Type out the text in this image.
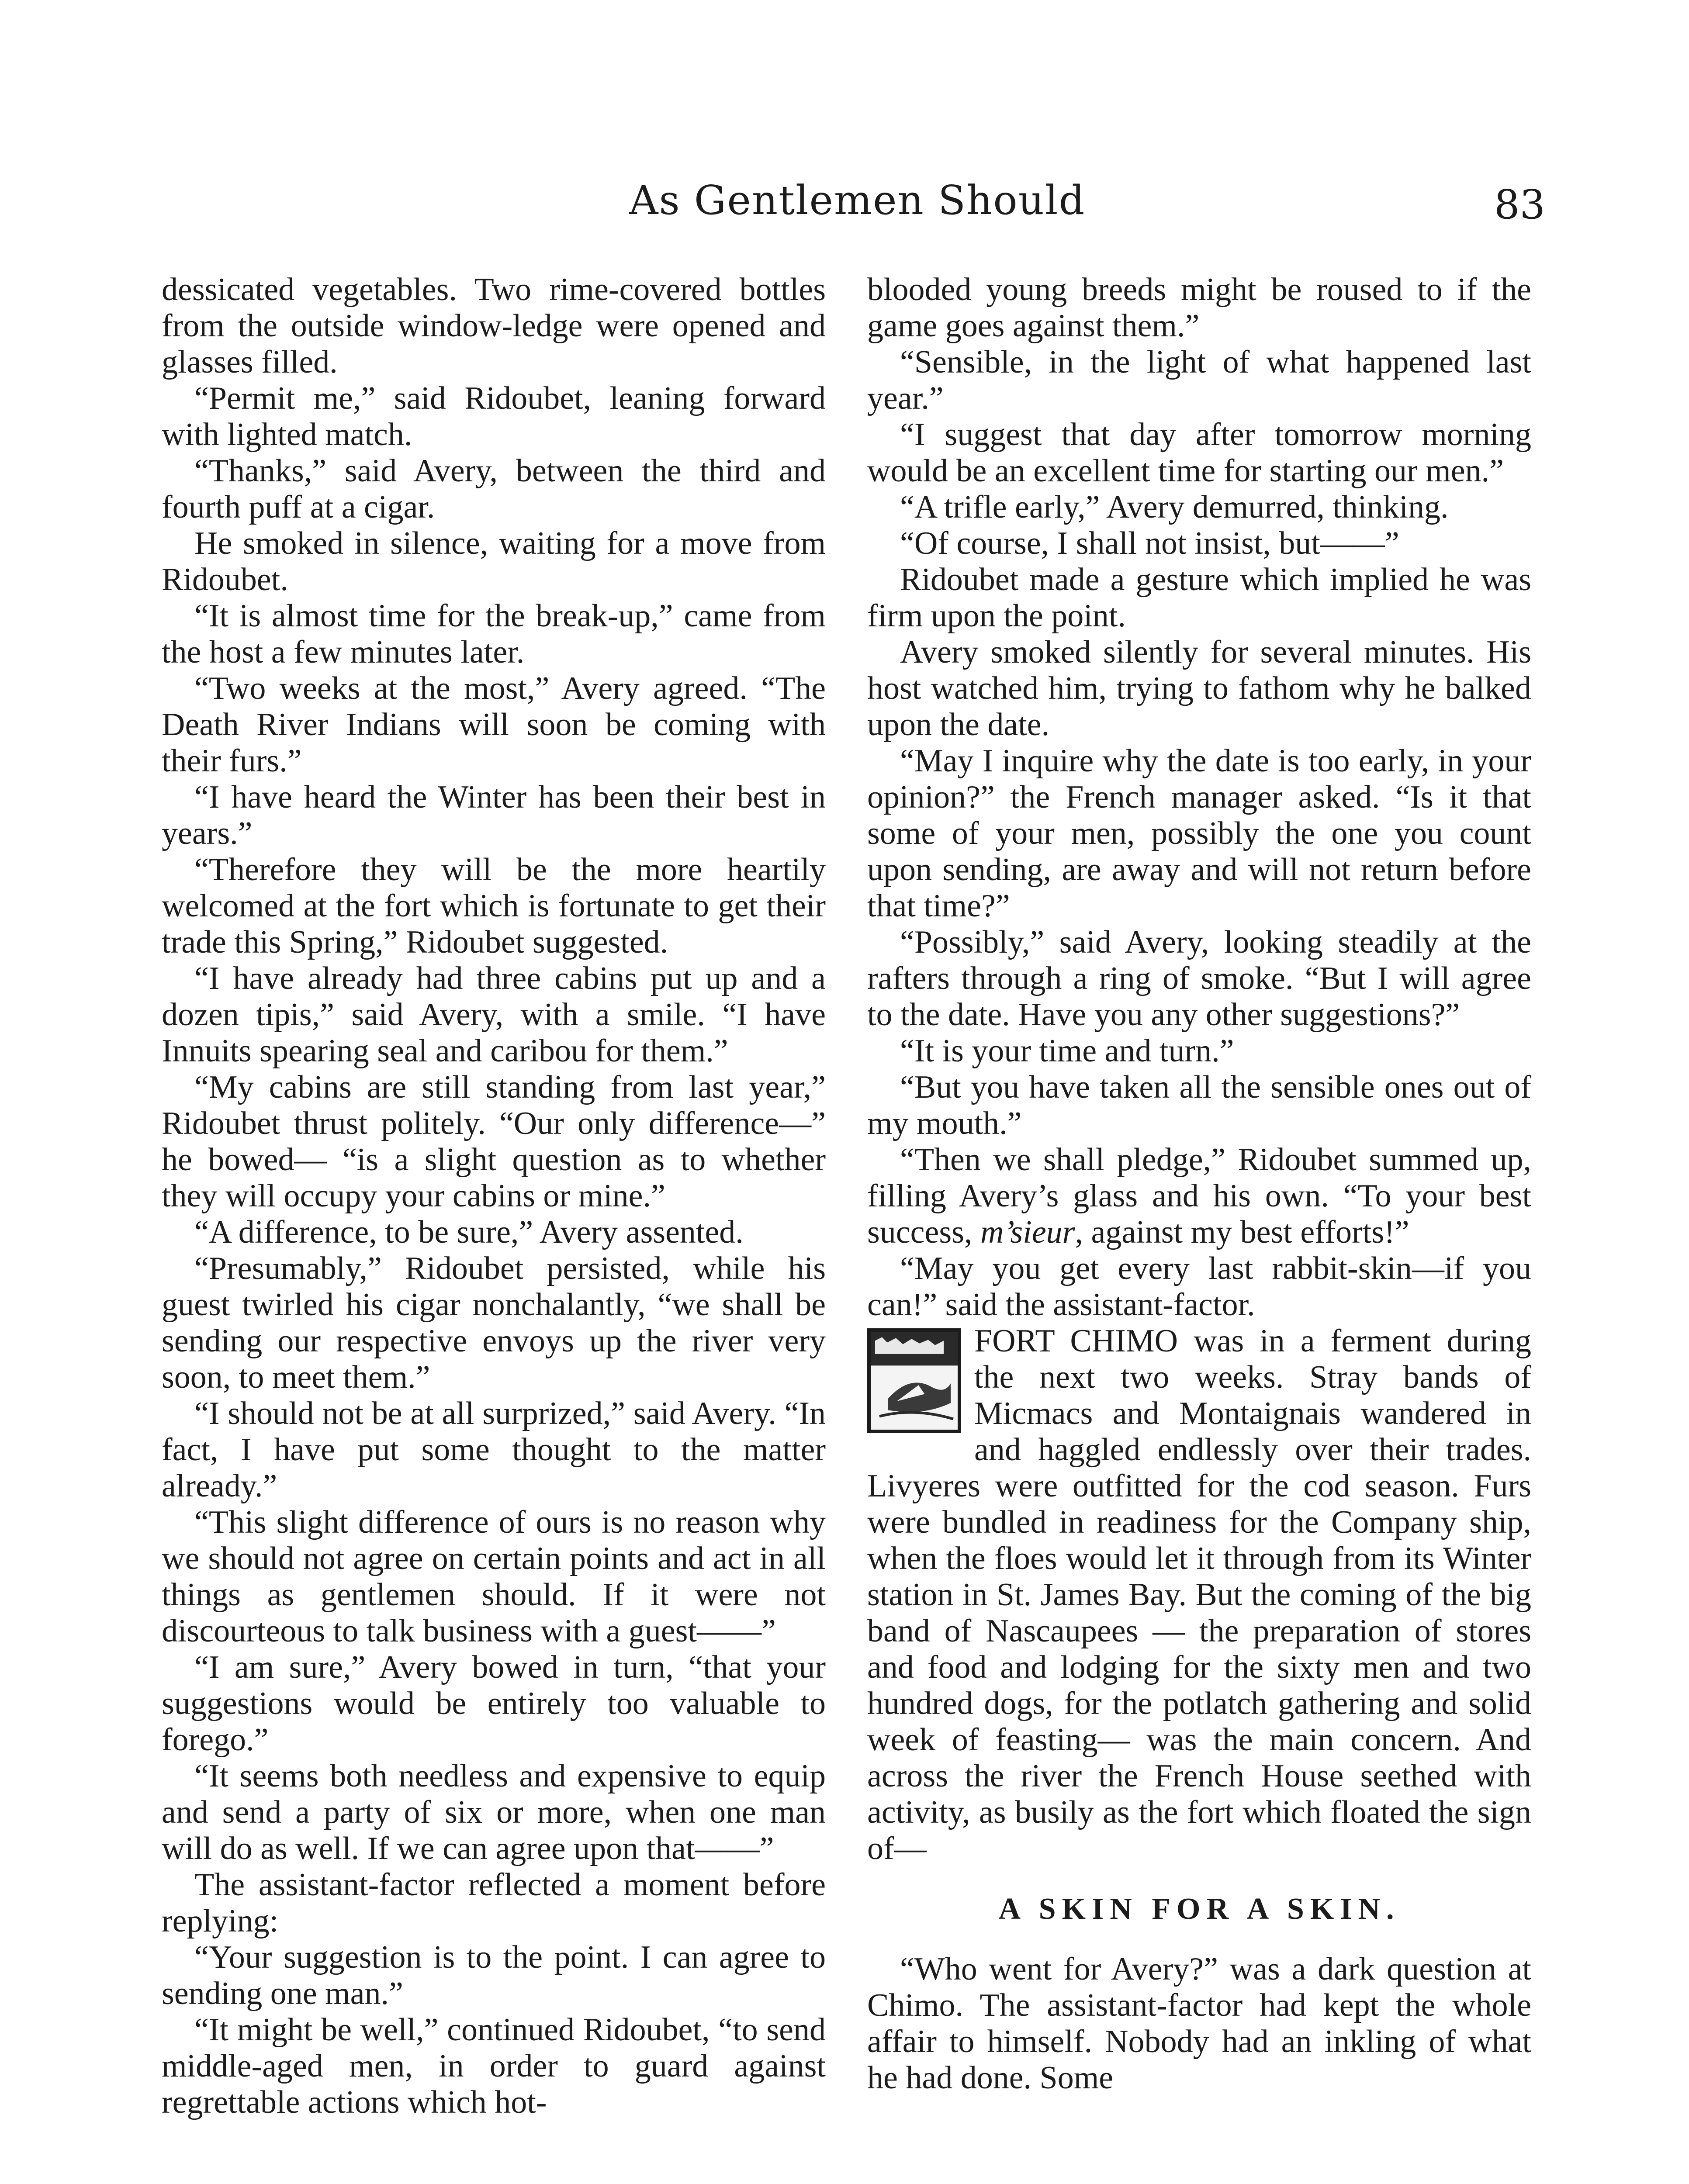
As Gentlemen Should	83

dessicated vegetables. Two rime-covered bottles from the outside window-ledge were opened and glasses filled.

“Permit me,” said Ridoubet, leaning forward with lighted match.

“Thanks,” said Avery, between the third and fourth puff at a cigar.

He smoked in silence, waiting for a move from Ridoubet.

“It is almost time for the break-up,” came from the host a few minutes later.

“Two weeks at the most,” Avery agreed. “The Death River Indians will soon be coming with their furs.”

“I have heard the Winter has been their best in years.”

“Therefore they will be the more heartily welcomed at the fort which is fortunate to get their trade this Spring,” Ridoubet suggested.

“I have already had three cabins put up and a dozen tipis,” said Avery, with a smile. “I have Innuits spearing seal and caribou for them.”

“My cabins are still standing from last year,” Ridoubet thrust politely. “Our only difference—” he bowed— “is a slight question as to whether they will occupy your cabins or mine.”

“A difference, to be sure,” Avery assented.

“Presumably,” Ridoubet persisted, while his guest twirled his cigar nonchalantly, “we shall be sending our respective envoys up the river very soon, to meet them.”

“I should not be at all surprized,” said Avery. “In fact, I have put some thought to the matter already.”

“This slight difference of ours is no reason why we should not agree on certain points and act in all things as gentlemen should. If it were not discourteous to talk business with a guest——”

“I am sure,” Avery bowed in turn, “that your suggestions would be entirely too valuable to forego.”

“It seems both needless and expensive to equip and send a party of six or more, when one man will do as well. If we can agree upon that——”

The assistant-factor reflected a moment before replying:

“Your suggestion is to the point. I can agree to sending one man.”

“It might be well,” continued Ridoubet, “to send middle-aged men, in order to guard against regrettable actions which hot-

blooded young breeds might be roused to if the game goes against them.”

“Sensible, in the light of what happened last year.”

“I suggest that day after tomorrow morning would be an excellent time for starting our men.”

“A trifle early,” Avery demurred, thinking.

“Of course, I shall not insist, but——”

Ridoubet made a gesture which implied he was firm upon the point.

Avery smoked silently for several minutes. His host watched him, trying to fathom why he balked upon the date.

“May I inquire why the date is too early, in your opinion?” the French manager asked. “Is it that some of your men, possibly the one you count upon sending, are away and will not return before that time?”

“Possibly,” said Avery, looking steadily at the rafters through a ring of smoke. “But I will agree to the date. Have you any other suggestions?”

“It is your time and turn.”

“But you have taken all the sensible ones out of my mouth.”

“Then we shall pledge,” Ridoubet summed up, filling Avery’s glass and his own. “To your best success, m’sieur, against my best efforts!”

“May you get every last rabbit-skin—if you can!” said the assistant-factor.

FORT CHIMO was in a ferment during the next two weeks. Stray bands of Micmacs and Montaignais wandered in and haggled endlessly over their trades. Livyeres were outfitted for the cod season. Furs were bundled in readiness for the Company ship, when the floes would let it through from its Winter station in St. James Bay. But the coming of the big band of Nascaupees — the preparation of stores and food and lodging for the sixty men and two hundred dogs, for the potlatch gathering and solid week of feasting— was the main concern. And across the river the French House seethed with activity, as busily as the fort which floated the sign of—

A SKIN FOR A SKIN.

“Who went for Avery?” was a dark question at Chimo. The assistant-factor had kept the whole affair to himself. Nobody had an inkling of what he had done. Some
